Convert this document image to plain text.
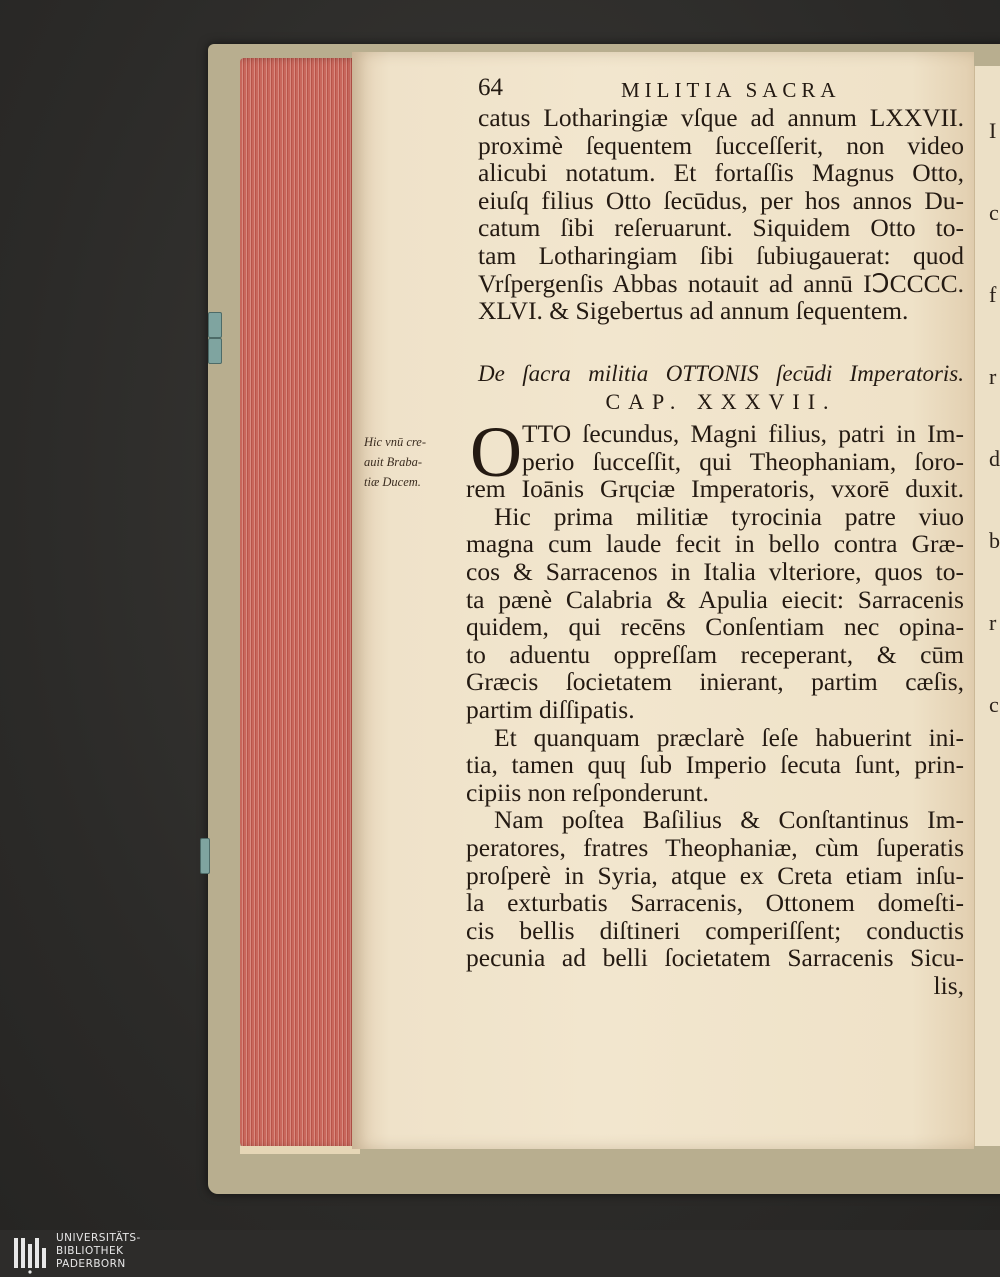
I
c
f
r
d
b
r
c
64	MILITIA SACRA
catus Lotharingiæ vſque ad annum LXXVII.
proximè ſequentem ſucceſſerit, non video
alicubi notatum. Et fortaſſis Magnus Otto,
eiuſq filius Otto ſecūdus, per hos annos Du-
catum ſibi reſeruarunt. Siquidem Otto to-
tam Lotharingiam ſibi ſubiugauerat: quod
Vrſpergenſis Abbas notauit ad annū IↃCCCC.
XLVI. & Sigebertus ad annum ſequentem.
De ſacra militia OTTONIS ſecūdi Imperatoris.
CAP. XXXVII.
Hic vnū cre-
auit Braba-
tiæ Ducem. O TTO ſecundus, Magni filius, patri in Im-
perio ſucceſſit, qui Theophaniam, ſoro-
rem Ioānis Grɥciæ Imperatoris, vxorē duxit.
Hic prima militiæ tyrocinia patre viuo
magna cum laude fecit in bello contra Græ-
cos & Sarracenos in Italia vlteriore, quos to-
ta pænè Calabria & Apulia eiecit: Sarracenis
quidem, qui recēns Conſentiam nec opina-
to aduentu oppreſſam receperant, & cūm
Græcis ſocietatem inierant, partim cæſis,
partim diſſipatis.
Et quanquam præclarè ſeſe habuerint ini-
tia, tamen quɥ ſub Imperio ſecuta ſunt, prin-
cipiis non reſponderunt.
Nam poſtea Baſilius & Conſtantinus Im-
peratores, fratres Theophaniæ, cùm ſuperatis
proſperè in Syria, atque ex Creta etiam inſu-
la exturbatis Sarracenis, Ottonem domeſti-
cis bellis diſtineri comperiſſent; conductis
pecunia ad belli ſocietatem Sarracenis Sicu-
lis,
UNIVERSITÄTS-
BIBLIOTHEK
PADERBORN
